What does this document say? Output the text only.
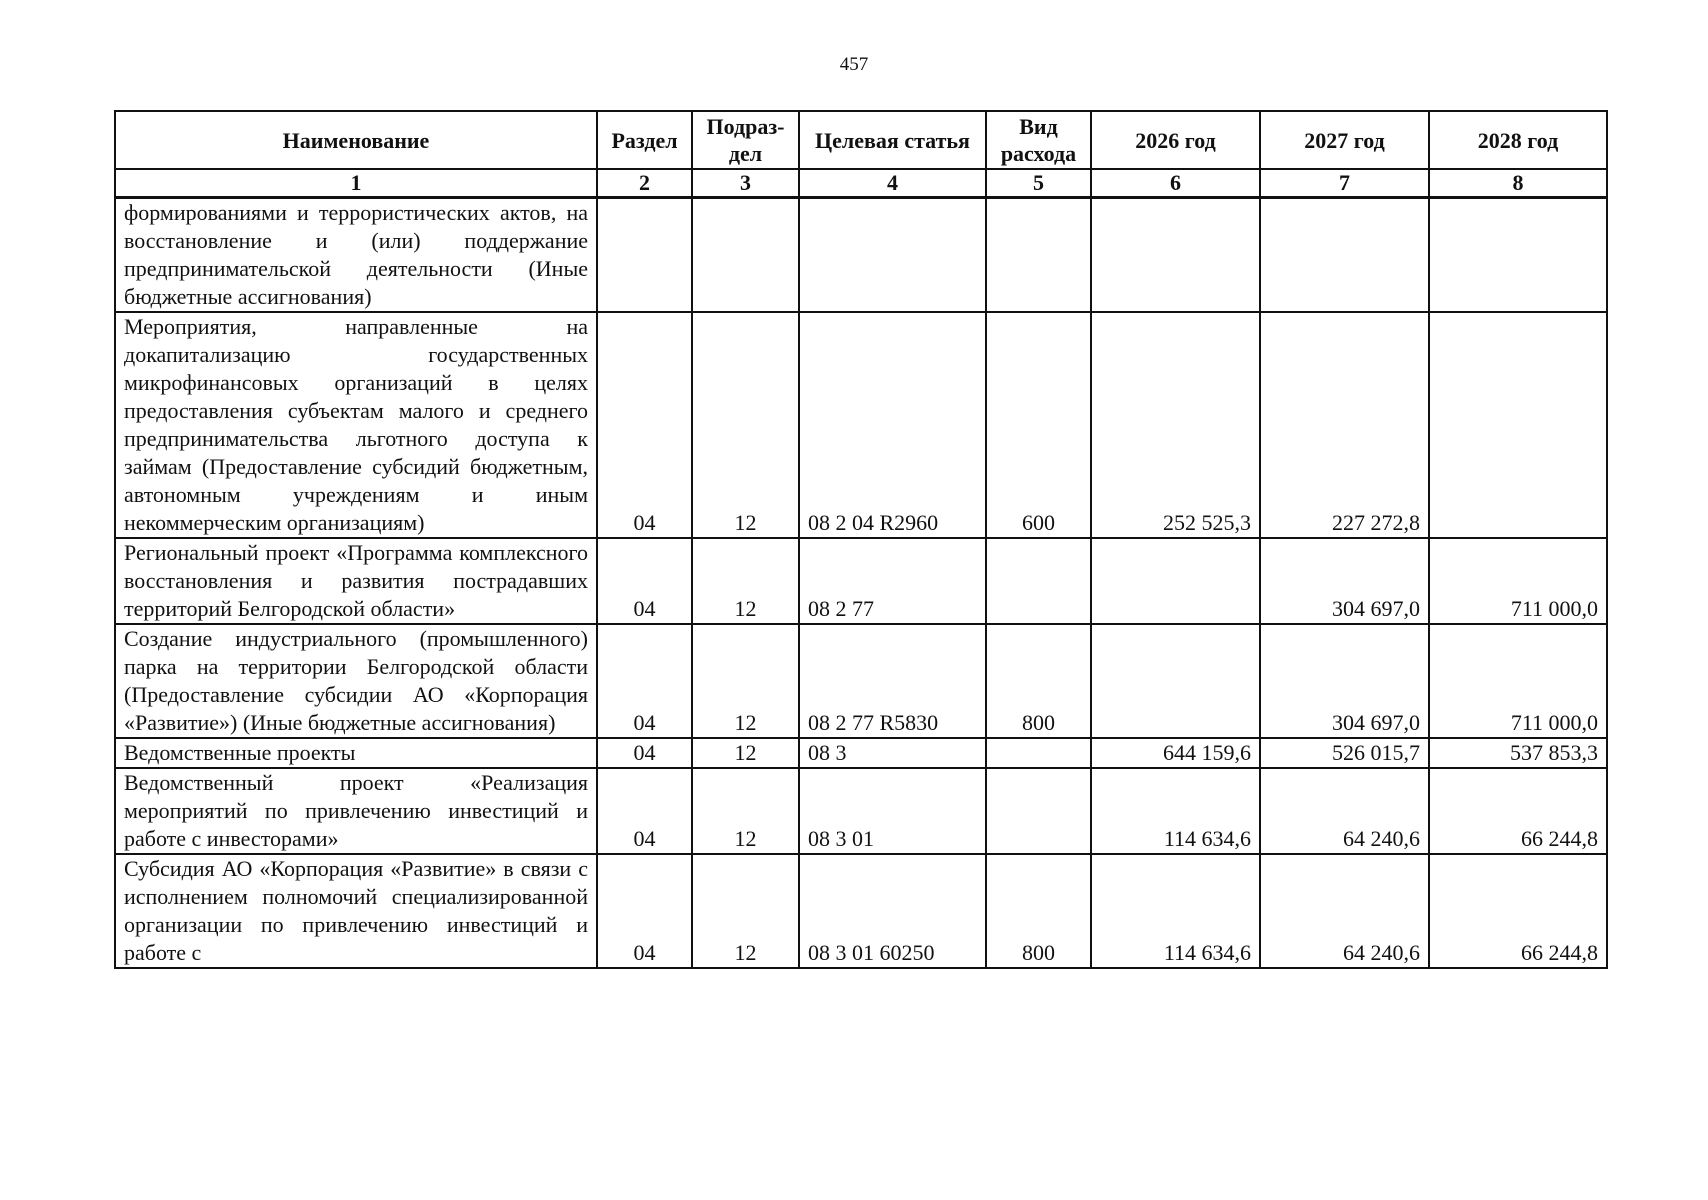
457
Наименование	Раздел	Подраз-дел	Целевая статья	Вид расхода	2026 год	2027 год	2028 год
1	2	3	4	5	6	7	8
формированиями и террористических актов, на восстановление и (или) поддержание предпринимательской деятельности (Иные бюджетные ассигнования)							
Мероприятия, направленные на докапитализацию государственных микрофинансовых организаций в целях предоставления субъектам малого и среднего предпринимательства льготного доступа к займам (Предоставление субсидий бюджетным, автономным учреждениям и иным некоммерческим организациям)	04	12	08 2 04 R2960	600	252 525,3	227 272,8	
Региональный проект «Программа комплексного восстановления и развития пострадавших территорий Белгородской области»	04	12	08 2 77			304 697,0	711 000,0
Создание индустриального (промышленного) парка на территории Белгородской области (Предоставление субсидии АО «Корпорация «Развитие») (Иные бюджетные ассигнования)	04	12	08 2 77 R5830	800		304 697,0	711 000,0
Ведомственные проекты	04	12	08 3		644 159,6	526 015,7	537 853,3
Ведомственный проект «Реализация мероприятий по привлечению инвестиций и работе с инвесторами»	04	12	08 3 01		114 634,6	64 240,6	66 244,8
Субсидия АО «Корпорация «Развитие» в связи с исполнением полномочий специализированной организации по привлечению инвестиций и работе с	04	12	08 3 01 60250	800	114 634,6	64 240,6	66 244,8
